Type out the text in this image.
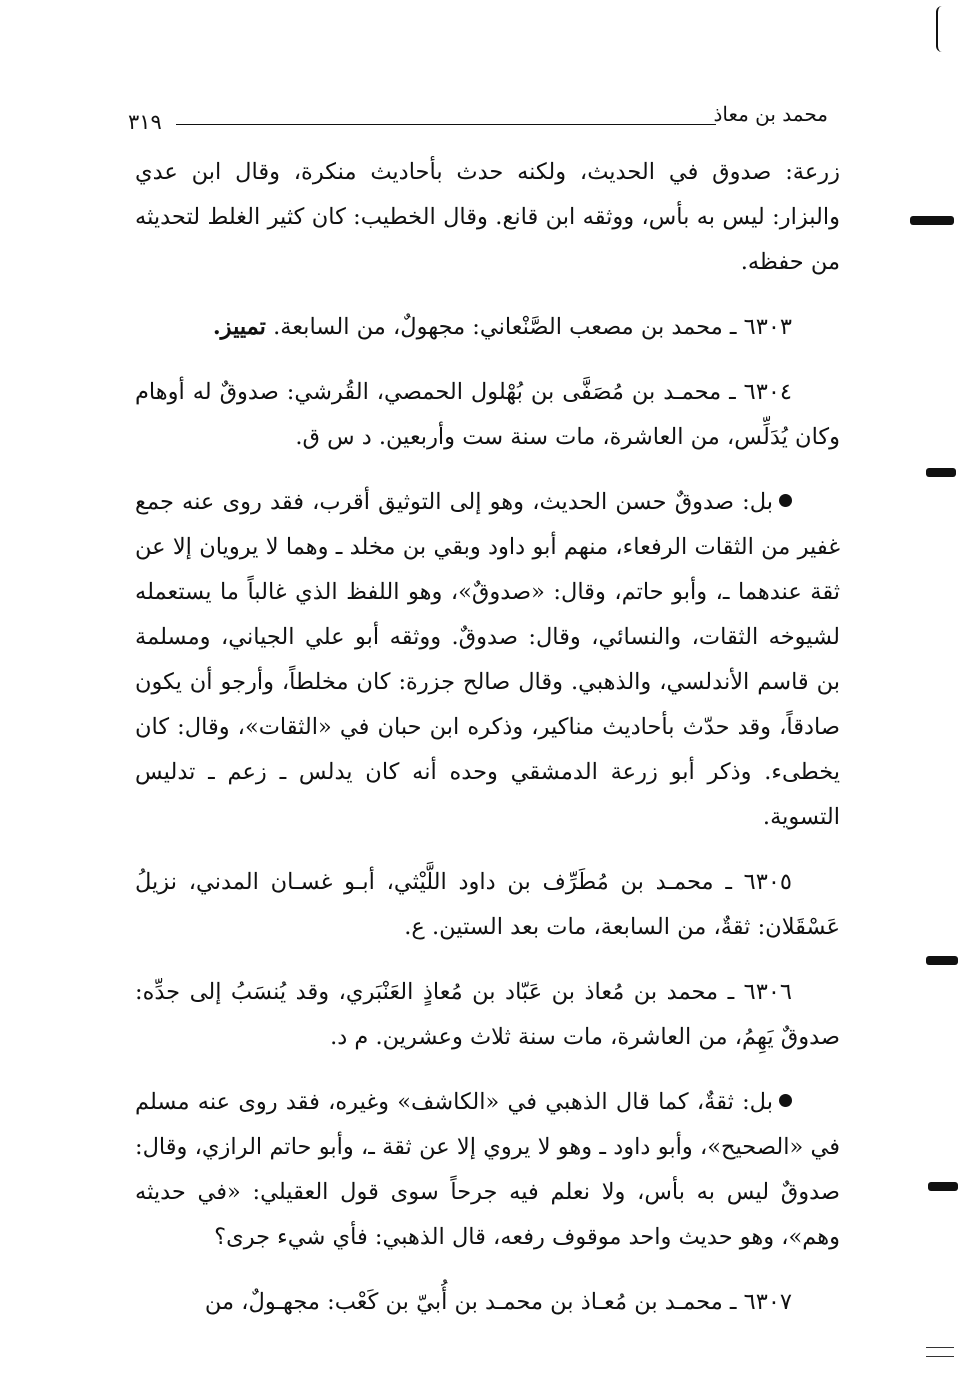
محمد بن معاذ
٣١٩

زرعة: صدوق في الحديث، ولكنه حدث بأحاديث منكرة، وقال ابن عدي والبزار: ليس به بأس، ووثقه ابن قانع. وقال الخطيب: كان كثير الغلط لتحديثه من حفظه.

٦٣٠٣ ـ محمد بن مصعب الصَّنْعاني: مجهولٌ، من السابعة. تمييز.

٦٣٠٤ ـ محمـد بن مُصَفَّى بن بُهْلول الحمصي، القُرشي: صدوقٌ له أوهام وكان يُدَلِّس، من العاشرة، مات سنة ست وأربعين. د س ق.

بل: صدوقٌ حسن الحديث، وهو إلى التوثيق أقرب، فقد روى عنه جمع غفير من الثقات الرفعاء، منهم أبو داود وبقي بن مخلد ـ وهما لا يرويان إلا عن ثقة عندهما ـ، وأبو حاتم، وقال: «صدوقٌ»، وهو اللفظ الذي غالباً ما يستعمله لشيوخه الثقات، والنسائي، وقال: صدوقٌ. ووثقه أبو علي الجياني، ومسلمة بن قاسم الأندلسي، والذهبي. وقال صالح جزرة: كان مخلطاً، وأرجو أن يكون صادقاً، وقد حدّث بأحاديث مناكير، وذكره ابن حبان في «الثقات»، وقال: كان يخطىء. وذكر أبو زرعة الدمشقي وحده أنه كان يدلس ـ زعم ـ تدليس التسوية.

٦٣٠٥ ـ محمـد بن مُطَرِّف بن داود اللَّيْثي، أبـو غسـان المدني، نزيلُ عَسْقَلان: ثقةٌ، من السابعة، مات بعد الستين. ع.

٦٣٠٦ ـ محمد بن مُعاذ بن عَبّاد بن مُعاذٍ العَنْبَري، وقد يُنسَبُ إلى جدِّه: صدوقٌ يَهِمُ، من العاشرة، مات سنة ثلاث وعشرين. م د.

بل: ثقةٌ، كما قال الذهبي في «الكاشف» وغيره، فقد روى عنه مسلم في «الصحيح»، وأبو داود ـ وهو لا يروي إلا عن ثقة ـ، وأبو حاتم الرازي، وقال: صدوقٌ ليس به بأس، ولا نعلم فيه جرحاً سوى قول العقيلي: «في حديثه وهم»، وهو حديث واحد موقوف رفعه، قال الذهبي: فأي شيء جرى؟

٦٣٠٧ ـ محمـد بن مُعـاذ بن محمـد بن أُبيّ بن كَعْب: مجهـولٌ، من
